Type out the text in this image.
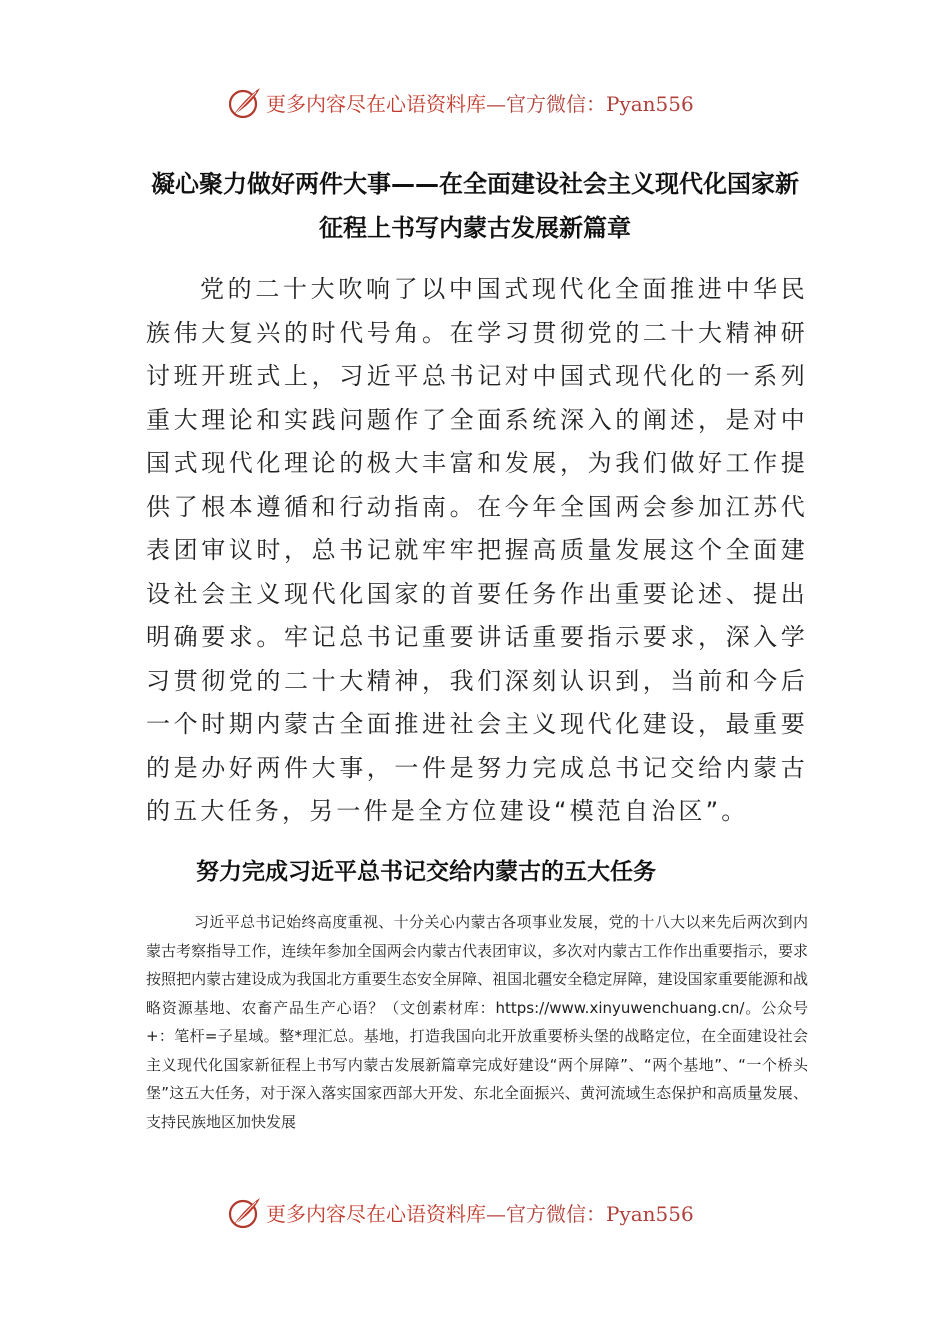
更多内容尽在心语资料库—官方微信：Pyan556
凝心聚力做好两件大事——在全面建设社会主义现代化国家新征程上书写内蒙古发展新篇章
党的二十大吹响了以中国式现代化全面推进中华民族伟大复兴的时代号角。在学习贯彻党的二十大精神研讨班开班式上，习近平总书记对中国式现代化的一系列重大理论和实践问题作了全面系统深入的阐述，是对中国式现代化理论的极大丰富和发展，为我们做好工作提供了根本遵循和行动指南。在今年全国两会参加江苏代表团审议时，总书记就牢牢把握高质量发展这个全面建设社会主义现代化国家的首要任务作出重要论述、提出明确要求。牢记总书记重要讲话重要指示要求，深入学习贯彻党的二十大精神，我们深刻认识到，当前和今后一个时期内蒙古全面推进社会主义现代化建设，最重要的是办好两件大事，一件是努力完成总书记交给内蒙古的五大任务，另一件是全方位建设“模范自治区”。
努力完成习近平总书记交给内蒙古的五大任务
习近平总书记始终高度重视、十分关心内蒙古各项事业发展，党的十八大以来先后两次到内蒙古考察指导工作，连续年参加全国两会内蒙古代表团审议，多次对内蒙古工作作出重要指示，要求按照把内蒙古建设成为我国北方重要生态安全屏障、祖国北疆安全稳定屏障，建设国家重要能源和战略资源基地、农畜产品生产心语？（文创素材库：https://www.xinyuwenchuang.cn/。公众号+：笔杆=子星域。整*理汇总。基地，打造我国向北开放重要桥头堡的战略定位，在全面建设社会主义现代化国家新征程上书写内蒙古发展新篇章完成好建设“两个屏障”、“两个基地”、“一个桥头堡”这五大任务，对于深入落实国家西部大开发、东北全面振兴、黄河流域生态保护和高质量发展、支持民族地区加快发展
更多内容尽在心语资料库—官方微信：Pyan556
